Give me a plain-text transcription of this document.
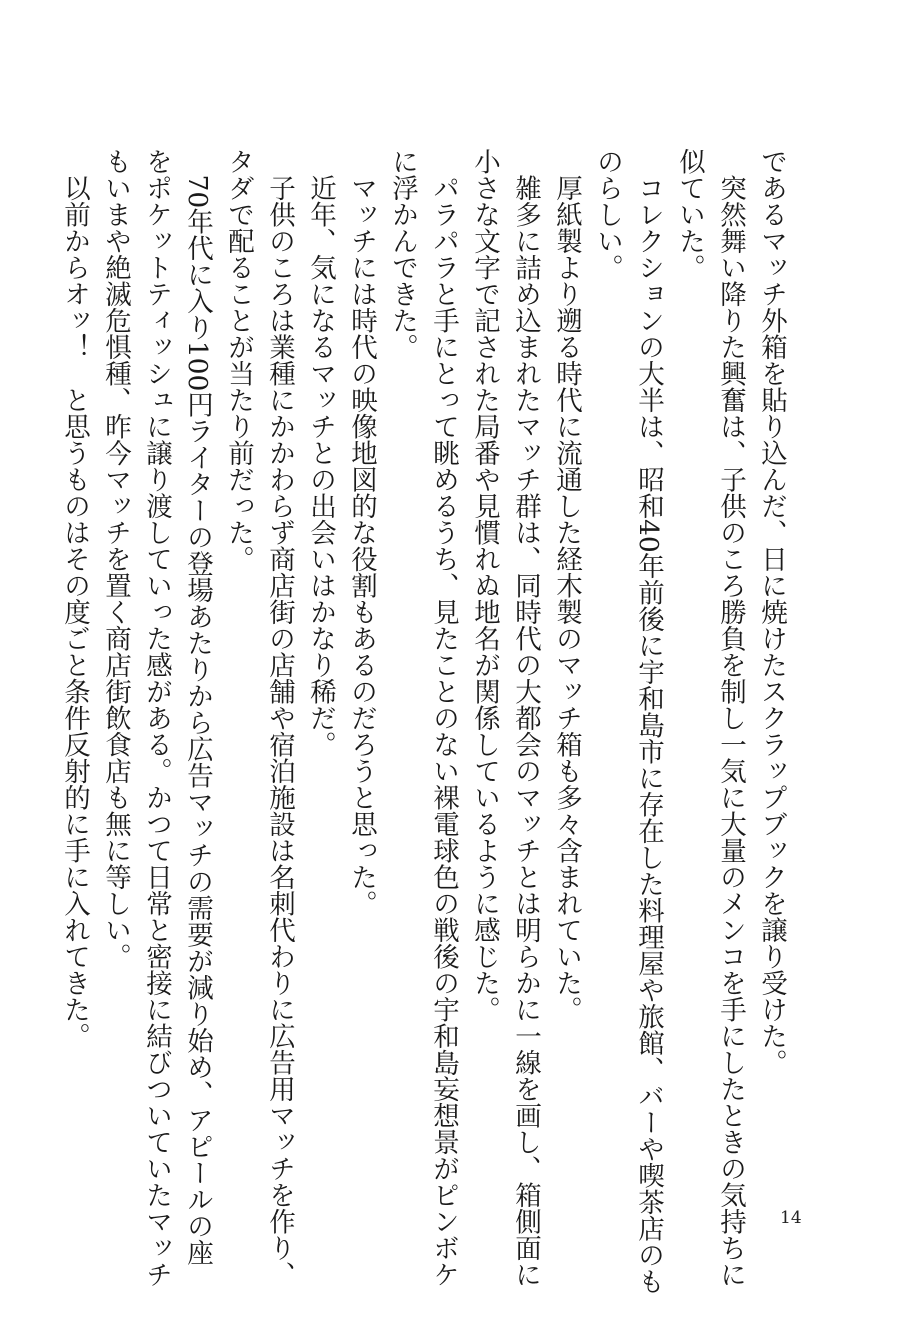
であるマッチ外箱を貼り込んだ、日に焼けたスクラップブックを譲り受けた。
　突然舞い降りた興奮は、子供のころ勝負を制し一気に大量のメンコを手にしたときの気持ちに
似ていた。
　コレクションの大半は、昭和40年前後に宇和島市に存在した料理屋や旅館、バーや喫茶店のも
のらしい。
　厚紙製より遡る時代に流通した経木製のマッチ箱も多々含まれていた。
　雑多に詰め込まれたマッチ群は、同時代の大都会のマッチとは明らかに一線を画し、箱側面に
小さな文字で記された局番や見慣れぬ地名が関係しているように感じた。
　パラパラと手にとって眺めるうち、見たことのない裸電球色の戦後の宇和島妄想景がピンボケ
に浮かんできた。
　マッチには時代の映像地図的な役割もあるのだろうと思った。
　近年、気になるマッチとの出会いはかなり稀だ。
　子供のころは業種にかかわらず商店街の店舗や宿泊施設は名刺代わりに広告用マッチを作り、
タダで配ることが当たり前だった。
　70年代に入り100円ライターの登場あたりから広告マッチの需要が減り始め、アピールの座
をポケットティッシュに譲り渡していった感がある。かつて日常と密接に結びついていたマッチ
もいまや絶滅危惧種、昨今マッチを置く商店街飲食店も無に等しい。
　以前からオッ！　と思うものはその度ごと条件反射的に手に入れてきた。
14
